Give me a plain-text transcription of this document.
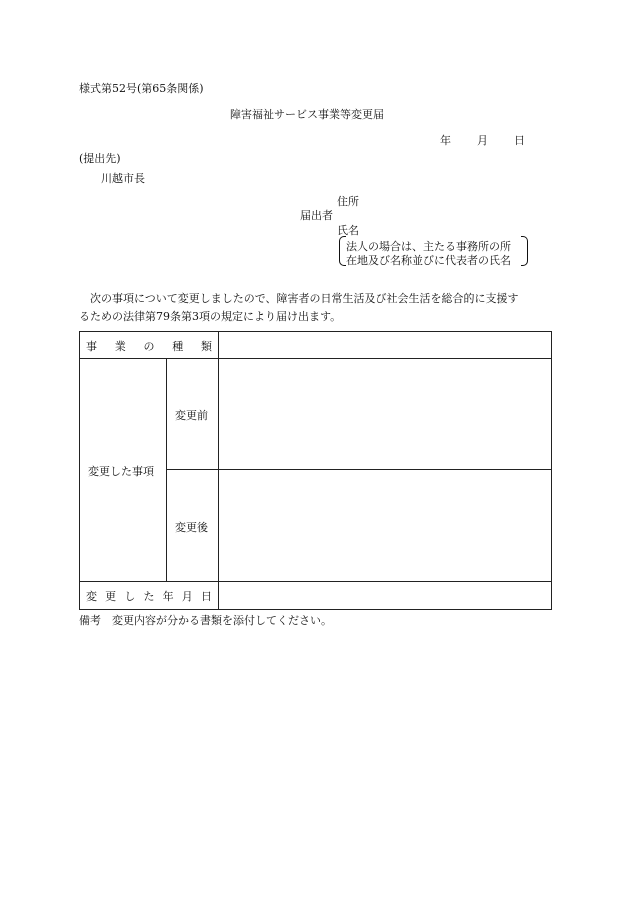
様式第52号(第65条関係)
障害福祉サービス事業等変更届
年 月 日
(提出先)
川越市長
住所
届出者
氏名
法人の場合は、主たる事務所の所
在地及び名称並びに代表者の氏名
次の事項について変更しましたので、障害者の日常生活及び社会生活を総合的に支援す
るための法律第79条第3項の規定により届け出ます。
事 業 の 種 類
変更した事項
変更前
変更後
変 更 し た 年 月 日
備考　変更内容が分かる書類を添付してください。
